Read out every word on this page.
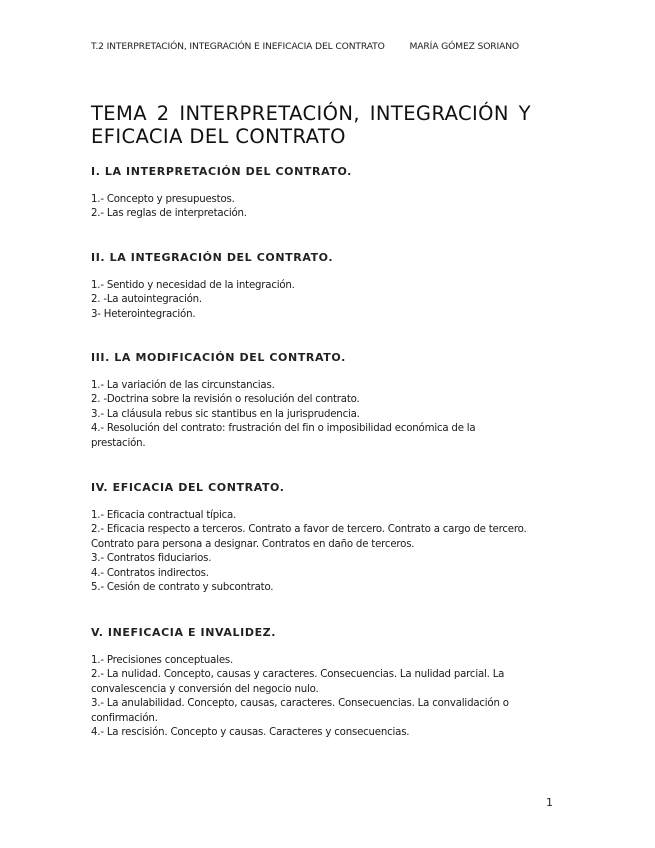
T.2 INTERPRETACIÓN, INTEGRACIÓN E INEFICACIA DEL CONTRATO	MARÍA GÓMEZ SORIANO
TEMA 2 INTERPRETACIÓN, INTEGRACIÓN Y
EFICACIA DEL CONTRATO
I. LA INTERPRETACIÓN DEL CONTRATO.
1.- Concepto y presupuestos.
2.- Las reglas de interpretación.
II. LA INTEGRACIÓN DEL CONTRATO.
1.- Sentido y necesidad de la integración.
2. -La autointegración.
3- Heterointegración.
III. LA MODIFICACIÓN DEL CONTRATO.
1.- La variación de las circunstancias.
2. -Doctrina sobre la revisión o resolución del contrato.
3.- La cláusula rebus sic stantibus en la jurisprudencia.
4.- Resolución del contrato: frustración del fin o imposibilidad económica de la prestación.
IV. EFICACIA DEL CONTRATO.
1.- Eficacia contractual típica.
2.- Eficacia respecto a terceros. Contrato a favor de tercero. Contrato a cargo de tercero. Contrato para persona a designar. Contratos en daño de terceros.
3.- Contratos fiduciarios.
4.- Contratos indirectos.
5.- Cesión de contrato y subcontrato.
V. INEFICACIA E INVALIDEZ.
1.- Precisiones conceptuales.
2.- La nulidad. Concepto, causas y caracteres. Consecuencias. La nulidad parcial. La convalescencia y conversión del negocio nulo.
3.- La anulabilidad. Concepto, causas, caracteres. Consecuencias. La convalidación o confirmación.
4.- La rescisión. Concepto y causas. Caracteres y consecuencias.
1
